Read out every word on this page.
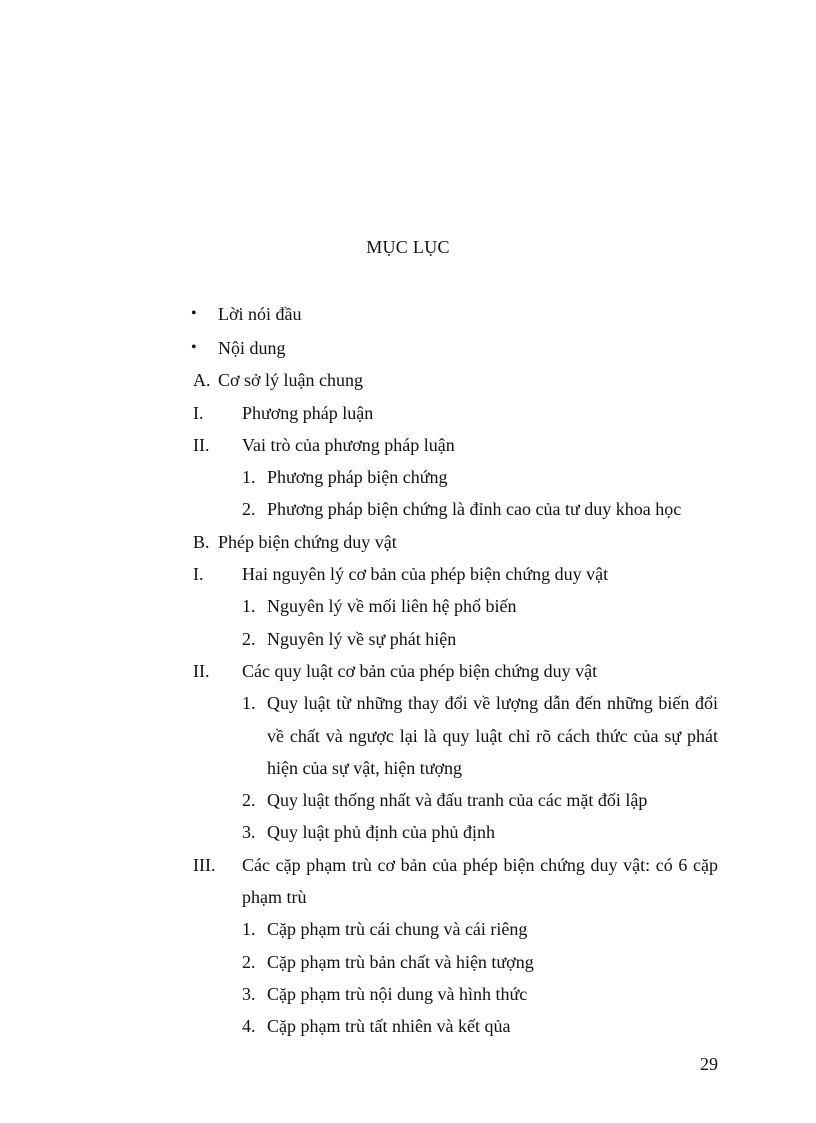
MỤC LỤC
• Lời nói đầu
• Nội dung
A. Cơ sở lý luận chung
I. Phương pháp luận
II. Vai trò của phương pháp luận
1. Phương pháp biện chứng
2. Phương pháp biện chứng là đỉnh cao của tư duy khoa học
B. Phép biện chứng duy vật
I. Hai nguyên lý cơ bản của phép biện chứng duy vật
1. Nguyên lý về mối liên hệ phổ biến
2. Nguyên lý về sự phát hiện
II. Các quy luật cơ bản của phép biện chứng duy vật
1. Quy luật từ những thay đổi về lượng dẫn đến những biến đổi về chất và ngược lại là quy luật chỉ rõ cách thức của sự phát hiện của sự vật, hiện tượng
2. Quy luật thống nhất và đấu tranh của các mặt đối lập
3. Quy luật phủ định của phủ định
III. Các cặp phạm trù cơ bản của phép biện chứng duy vật: có 6 cặp phạm trù
1. Cặp phạm trù cái chung và cái riêng
2. Cặp phạm trù bản chất và hiện tượng
3. Cặp phạm trù nội dung và hình thức
4. Cặp phạm trù tất nhiên và kết qủa
29
